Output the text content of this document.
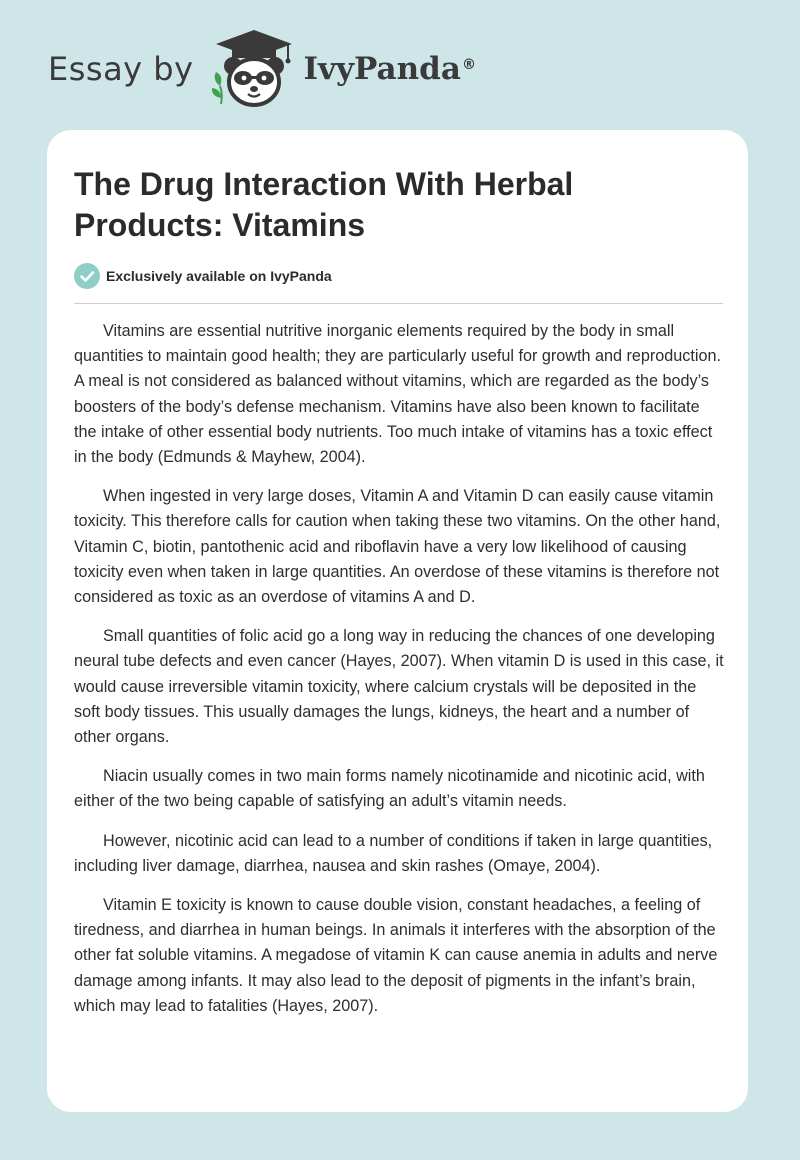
Essay by	IvyPanda ®
The Drug Interaction With Herbal Products: Vitamins
Exclusively available on IvyPanda

Vitamins are essential nutritive inorganic elements required by the body in small quantities to maintain good health; they are particularly useful for growth and reproduction. A meal is not considered as balanced without vitamins, which are regarded as the body’s boosters of the body’s defense mechanism. Vitamins have also been known to facilitate the intake of other essential body nutrients. Too much intake of vitamins has a toxic effect in the body (Edmunds & Mayhew, 2004).

When ingested in very large doses, Vitamin A and Vitamin D can easily cause vitamin toxicity. This therefore calls for caution when taking these two vitamins. On the other hand, Vitamin C, biotin, pantothenic acid and riboflavin have a very low likelihood of causing toxicity even when taken in large quantities. An overdose of these vitamins is therefore not considered as toxic as an overdose of vitamins A and D.

Small quantities of folic acid go a long way in reducing the chances of one developing neural tube defects and even cancer (Hayes, 2007). When vitamin D is used in this case, it would cause irreversible vitamin toxicity, where calcium crystals will be deposited in the soft body tissues. This usually damages the lungs, kidneys, the heart and a number of other organs.

Niacin usually comes in two main forms namely nicotinamide and nicotinic acid, with either of the two being capable of satisfying an adult’s vitamin needs.

However, nicotinic acid can lead to a number of conditions if taken in large quantities, including liver damage, diarrhea, nausea and skin rashes (Omaye, 2004).

Vitamin E toxicity is known to cause double vision, constant headaches, a feeling of tiredness, and diarrhea in human beings. In animals it interferes with the absorption of the other fat soluble vitamins. A megadose of vitamin K can cause anemia in adults and nerve damage among infants. It may also lead to the deposit of pigments in the infant’s brain, which may lead to fatalities (Hayes, 2007).
